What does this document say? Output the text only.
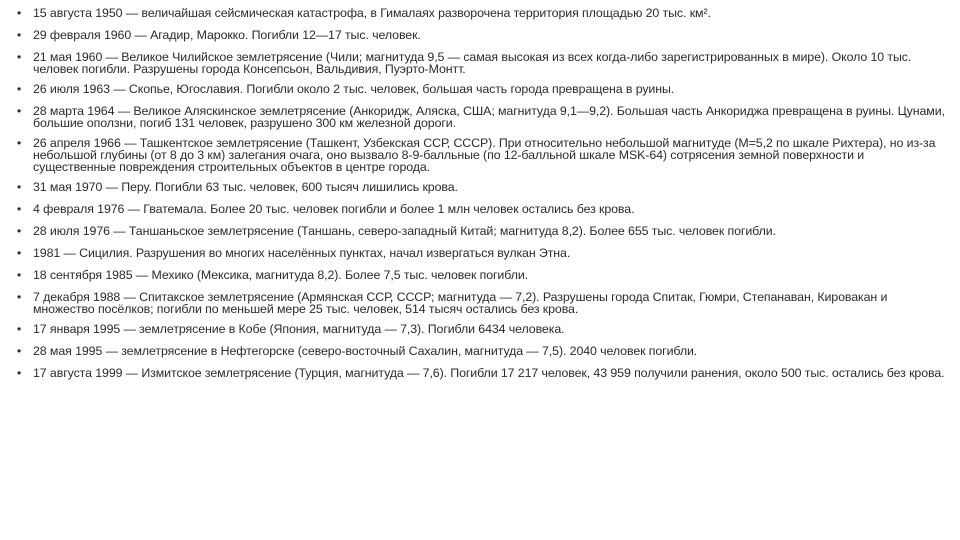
• 15 августа 1950 — величайшая сейсмическая катастрофа, в Гималаях разворочена территория площадью 20 тыс. км².
• 29 февраля 1960 — Агадир, Марокко. Погибли 12—17 тыс. человек.
• 21 мая 1960 — Великое Чилийское землетрясение (Чили; магнитуда 9,5 — самая высокая из всех когда-либо зарегистрированных в мире). Около 10 тыс. человек погибли. Разрушены города Консепсьон, Вальдивия, Пуэрто-Монтт.
• 26 июля 1963 — Скопье, Югославия. Погибли около 2 тыс. человек, большая часть города превращена в руины.
• 28 марта 1964 — Великое Аляскинское землетрясение (Анкоридж, Аляска, США; магнитуда 9,1—9,2). Большая часть Анкориджа превращена в руины. Цунами, большие оползни, погиб 131 человек, разрушено 300 км железной дороги.
• 26 апреля 1966 — Ташкентское землетрясение (Ташкент, Узбекская ССР, СССР). При относительно небольшой магнитуде (M=5,2 по шкале Рихтера), но из-за небольшой глубины (от 8 до 3 км) залегания очага, оно вызвало 8-9-балльные (по 12-балльной шкале MSK-64) сотрясения земной поверхности и существенные повреждения строительных объектов в центре города.
• 31 мая 1970 — Перу. Погибли 63 тыс. человек, 600 тысяч лишились крова.
• 4 февраля 1976 — Гватемала. Более 20 тыс. человек погибли и более 1 млн человек остались без крова.
• 28 июля 1976 — Таншаньское землетрясение (Таншань, северо-западный Китай; магнитуда 8,2). Более 655 тыс. человек погибли.
• 1981 — Сицилия. Разрушения во многих населённых пунктах, начал извергаться вулкан Этна.
• 18 сентября 1985 — Мехико (Мексика, магнитуда 8,2). Более 7,5 тыс. человек погибли.
• 7 декабря 1988 — Спитакское землетрясение (Армянская ССР, СССР; магнитуда — 7,2). Разрушены города Спитак, Гюмри, Степанаван, Кировакан и множество посёлков; погибли по меньшей мере 25 тыс. человек, 514 тысяч остались без крова.
• 17 января 1995 — землетрясение в Кобе (Япония, магнитуда — 7,3). Погибли 6434 человека.
• 28 мая 1995 — землетрясение в Нефтегорске (северо-восточный Сахалин, магнитуда — 7,5). 2040 человек погибли.
• 17 августа 1999 — Измитское землетрясение (Турция, магнитуда — 7,6). Погибли 17 217 человек, 43 959 получили ранения, около 500 тыс. остались без крова.
